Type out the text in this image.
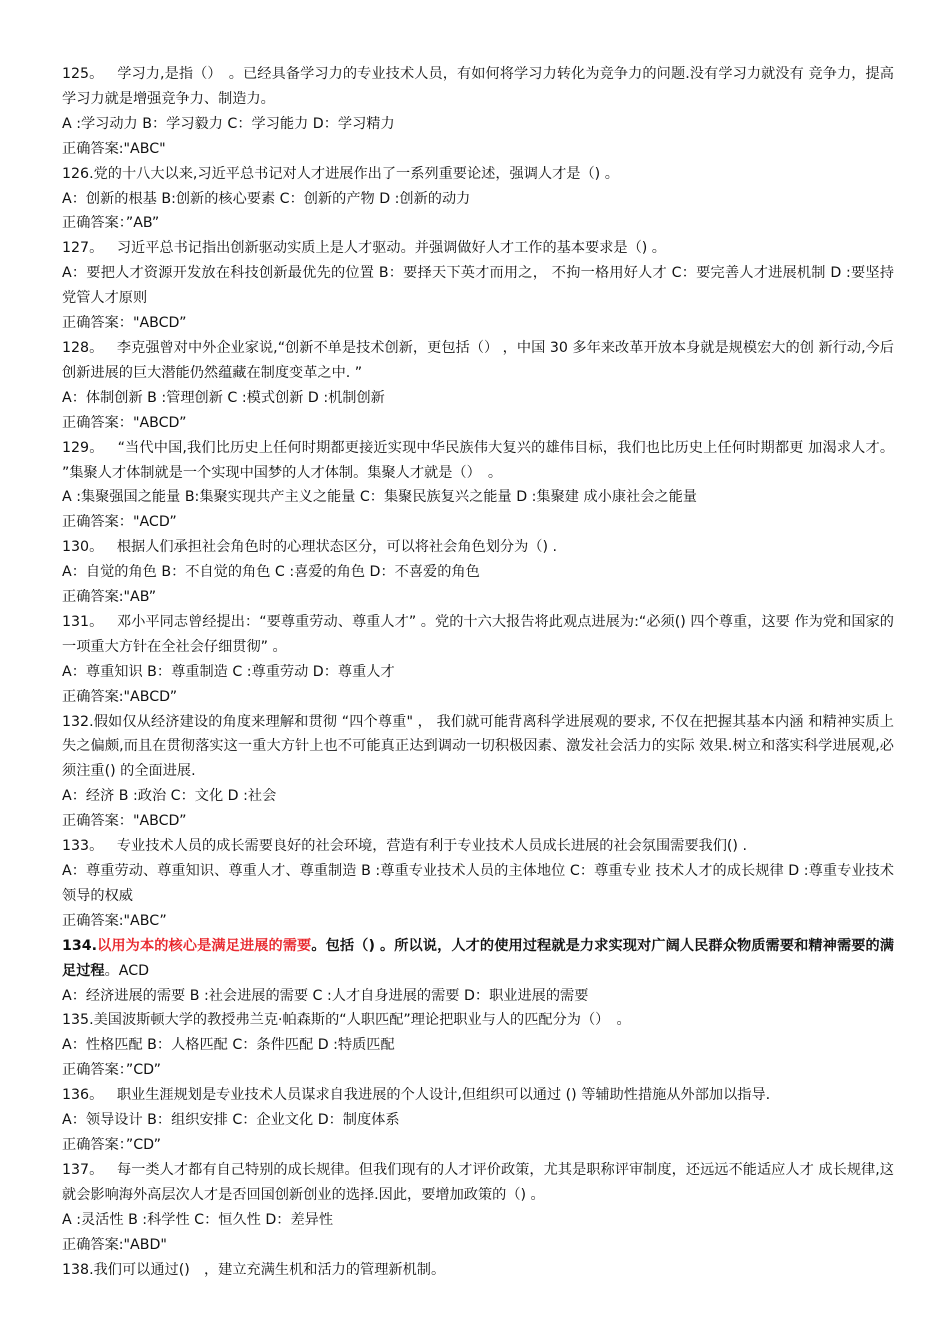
125。 学习力,是指（）　。已经具备学习力的专业技术人员，有如何将学习力转化为竞争力的问题.没有学习力就没有 竞争力，提高学习力就是增强竞争力、制造力。
A :学习动力 B：学习毅力 C：学习能力 D：学习精力
正确答案:"ABC"
126.党的十八大以来,习近平总书记对人才进展作出了一系列重要论述，强调人才是（) 。
A：创新的根基 B:创新的核心要素 C：创新的产物 D :创新的动力
正确答案：”AB”
127。 习近平总书记指出创新驱动实质上是人才驱动。并强调做好人才工作的基本要求是（) 。
A：要把人才资源开发放在科技创新最优先的位置 B：要择天下英才而用之， 不拘一格用好人才 C：要完善人才进展机制 D :要坚持党管人才原则
正确答案："ABCD”
128。 李克强曾对中外企业家说,“创新不单是技术创新，更包括（） ，中国 30 多年来改革开放本身就是规模宏大的创 新行动,今后创新进展的巨大潜能仍然蕴藏在制度变革之中. ”
A：体制创新 B :管理创新 C :模式创新 D :机制创新
正确答案："ABCD”
129。 “当代中国,我们比历史上任何时期都更接近实现中华民族伟大复兴的雄伟目标，我们也比历史上任何时期都更 加渴求人才。 ”集聚人才体制就是一个实现中国梦的人才体制。集聚人才就是（）　。
A :集聚强国之能量 B:集聚实现共产主义之能量 C：集聚民族复兴之能量 D :集聚建 成小康社会之能量
正确答案："ACD”
130。 根据人们承担社会角色时的心理状态区分，可以将社会角色划分为（) .
A：自觉的角色 B：不自觉的角色 C :喜爱的角色 D：不喜爱的角色
正确答案:"AB”
131。 邓小平同志曾经提出：“要尊重劳动、尊重人才” 。党的十六大报告将此观点进展为:“必须() 四个尊重，这要 作为党和国家的一项重大方针在全社会仔细贯彻” 。
A：尊重知识 B：尊重制造 C :尊重劳动 D：尊重人才
正确答案:"ABCD”
132.假如仅从经济建设的角度来理解和贯彻 “四个尊重" ， 我们就可能背离科学进展观的要求, 不仅在把握其基本内涵 和精神实质上失之偏颇,而且在贯彻落实这一重大方针上也不可能真正达到调动一切积极因素、激发社会活力的实际 效果.树立和落实科学进展观,必须注重() 的全面进展.
A：经济 B :政治 C：文化 D :社会
正确答案："ABCD”
133。 专业技术人员的成长需要良好的社会环境，营造有利于专业技术人员成长进展的社会氛围需要我们() .
A：尊重劳动、尊重知识、尊重人才、尊重制造 B :尊重专业技术人员的主体地位 C：尊重专业 技术人才的成长规律 D :尊重专业技术领导的权威
正确答案:"ABC”
134.以用为本的核心是满足进展的需要。包括（) 。所以说，人才的使用过程就是力求实现对广阔人民群众物质需要和精神需要的满足过程。ACD
A：经济进展的需要 B :社会进展的需要 C :人才自身进展的需要 D：职业进展的需要
135.美国波斯顿大学的教授弗兰克·帕森斯的“人职匹配”理论把职业与人的匹配分为（）　。
A：性格匹配 B：人格匹配 C：条件匹配 D :特质匹配
正确答案：”CD”
136。 职业生涯规划是专业技术人员谋求自我进展的个人设计,但组织可以通过 () 等辅助性措施从外部加以指导.
A：领导设计 B：组织安排 C：企业文化 D：制度体系
正确答案：”CD”
137。 每一类人才都有自己特别的成长规律。但我们现有的人才评价政策，尤其是职称评审制度，还远远不能适应人才 成长规律,这就会影响海外高层次人才是否回国创新创业的选择.因此，要增加政策的（) 。
A :灵活性 B :科学性 C：恒久性 D：差异性
正确答案:"ABD"
138.我们可以通过()　，建立充满生机和活力的管理新机制。
